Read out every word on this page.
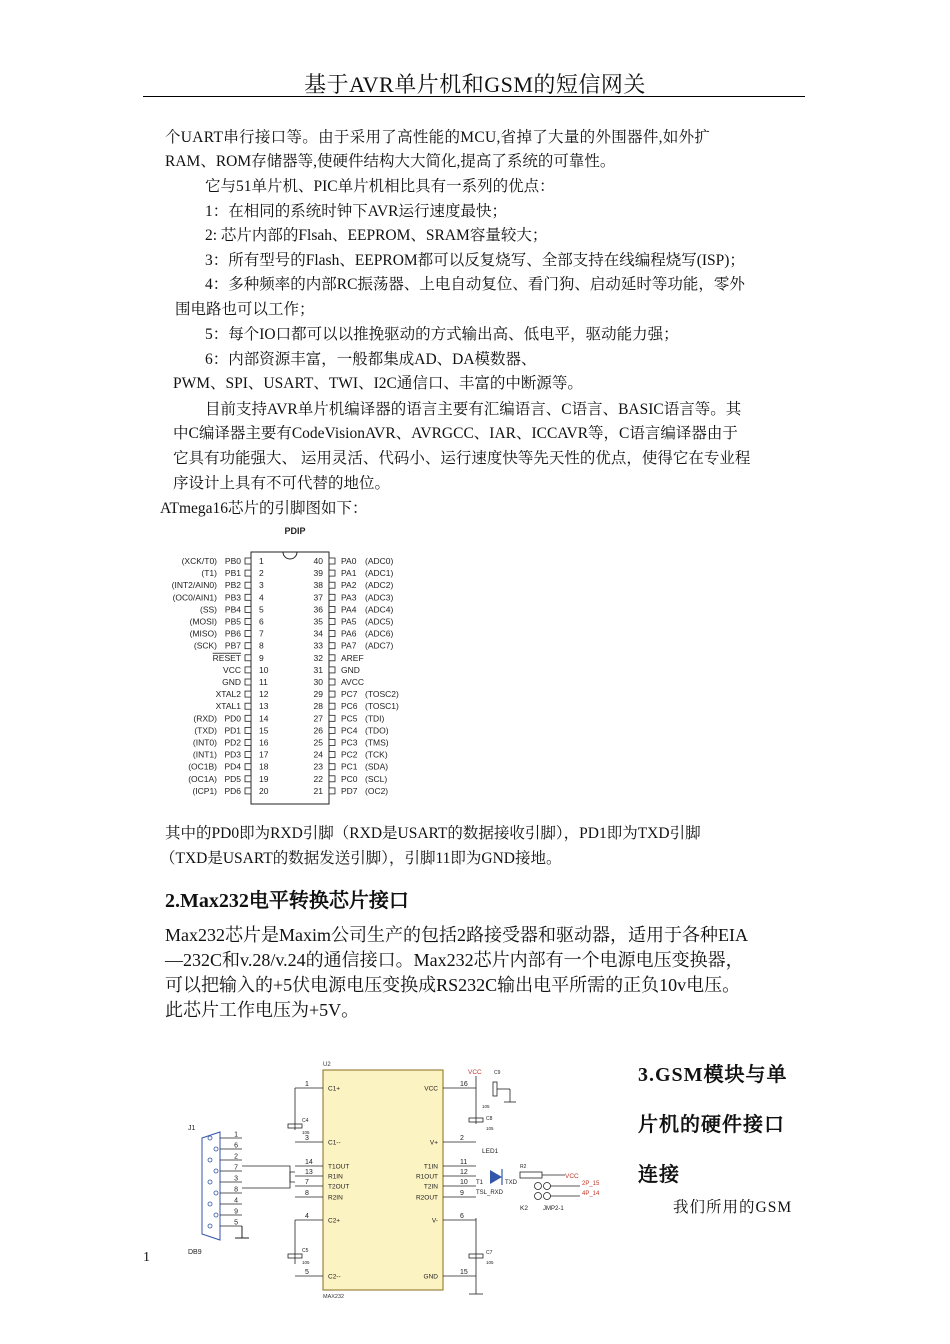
基于AVR单片机和GSM的短信网关
个UART串行接口等。由于采用了高性能的MCU,省掉了大量的外围器件,如外扩
RAM、ROM存储器等,使硬件结构大大简化,提高了系统的可靠性。
它与51单片机、PIC单片机相比具有一系列的优点：
1：在相同的系统时钟下AVR运行速度最快；
2: 芯片内部的Flsah、EEPROM、SRAM容量较大；
3：所有型号的Flash、EEPROM都可以反复烧写、全部支持在线编程烧写(ISP)；
4：多种频率的内部RC振荡器、上电自动复位、看门狗、启动延时等功能，零外
围电路也可以工作；
5：每个IO口都可以以推挽驱动的方式输出高、低电平，驱动能力强；
6：内部资源丰富，一般都集成AD、DA模数器、
PWM、SPI、USART、TWI、I2C通信口、丰富的中断源等。
目前支持AVR单片机编译器的语言主要有汇编语言、C语言、BASIC语言等。其
中C编译器主要有CodeVisionAVR、AVRGCC、IAR、ICCAVR等，C语言编译器由于
它具有功能强大、 运用灵活、代码小、运行速度快等先天性的优点，使得它在专业程
序设计上具有不可代替的地位。
ATmega16芯片的引脚图如下：
PDIP
1
PB0
(XCK/T0)
2
PB1
(T1)
3
PB2
(INT2/AIN0)
4
PB3
(OC0/AIN1)
5
PB4
(SS)
6
PB5
(MOSI)
7
PB6
(MISO)
8
PB7
(SCK)
9
RESET
10
VCC
11
GND
12
XTAL2
13
XTAL1
14
PD0
(RXD)
15
PD1
(TXD)
16
PD2
(INT0)
17
PD3
(INT1)
18
PD4
(OC1B)
19
PD5
(OC1A)
20
PD6
(ICP1)
40 PA0 (ADC0)
39 PA1 (ADC1)
38 PA2 (ADC2)
37 PA3 (ADC3)
36 PA4 (ADC4)
35 PA5 (ADC5)
34 PA6 (ADC6)
33 PA7 (ADC7)
32 AREF
31 GND
30 AVCC
29 PC7 (TOSC2)
28 PC6 (TOSC1)
27 PC5 (TDI)
26 PC4 (TDO)
25 PC3 (TMS)
24 PC2 (TCK)
23 PC1 (SDA)
22 PC0 (SCL)
21 PD7 (OC2)
其中的PD0即为RXD引脚（RXD是USART的数据接收引脚），PD1即为TXD引脚
（TXD是USART的数据发送引脚），引脚11即为GND接地。
2.Max232电平转换芯片接口
Max232芯片是Maxim公司生产的包括2路接受器和驱动器，适用于各种EIA
—232C和v.28/v.24的通信接口。Max232芯片内部有一个电源电压变换器，
可以把输入的+5伏电源电压变换成RS232C输出电平所需的正负10v电压。
此芯片工作电压为+5V。
U2
MAX232
1
C1+
3
C1--
14
T1OUT
13
R1IN
7
T2OUT
8
R2IN
4
C2+
5
C2--
16
VCC
2
V+
11
T1IN
12
R1OUT
10
T2IN
9
R2OUT
6
V-
15
GND
J1
1
6
2
7
3
8
4
9
5
DB9
C4
105
C5
105
VCC C9
105
C8
105
C7
105
LED1
T1	TXD
TSL_RXD
R2
VCC
2P_15
4P_14
K2	JMP2-1
3.GSM模块与单
片机的硬件接口
连接
我们所用的GSM
1
